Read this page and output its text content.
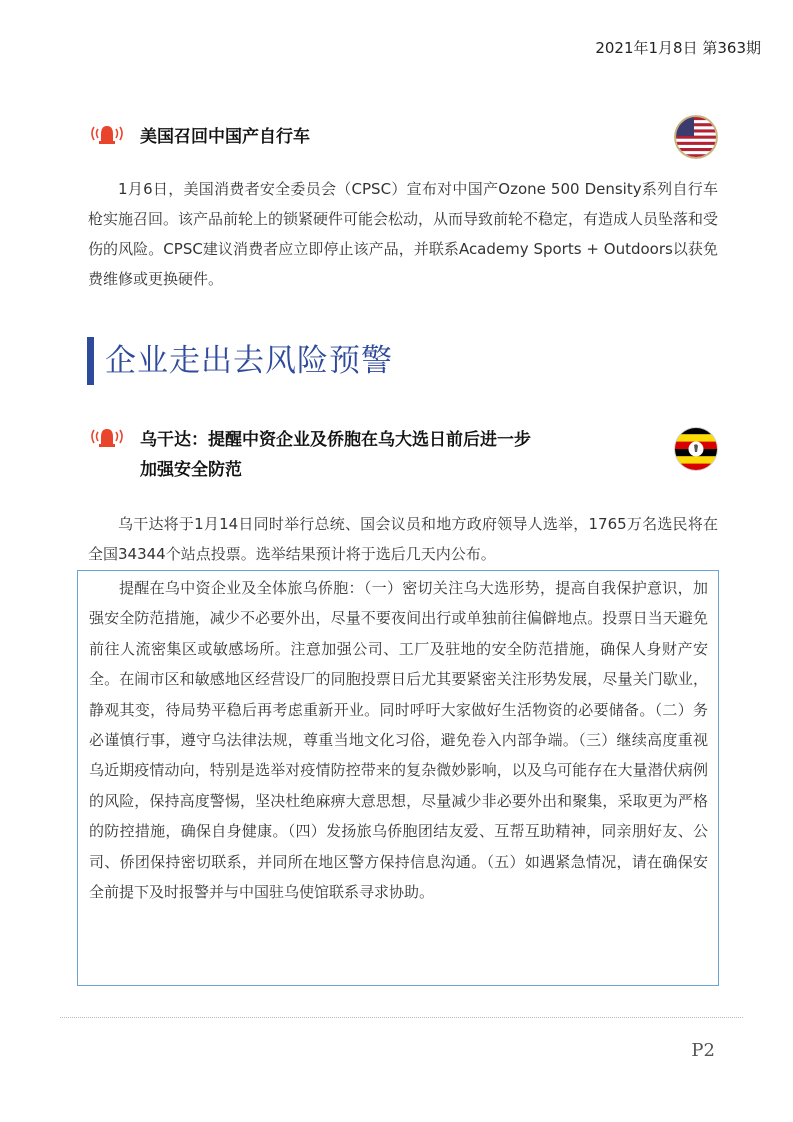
2021年1月8日 第363期
美国召回中国产自行车
1月6日，美国消费者安全委员会（CPSC）宣布对中国产Ozone 500 Density系列自行车枪实施召回。该产品前轮上的锁紧硬件可能会松动，从而导致前轮不稳定，有造成人员坠落和受伤的风险。CPSC建议消费者应立即停止该产品，并联系Academy Sports + Outdoors以获免费维修或更换硬件。
企业走出去风险预警
乌干达：提醒中资企业及侨胞在乌大选日前后进一步
加强安全防范
乌干达将于1月14日同时举行总统、国会议员和地方政府领导人选举，1765万名选民将在全国34344个站点投票。选举结果预计将于选后几天内公布。

提醒在乌中资企业及全体旅乌侨胞：（一）密切关注乌大选形势，提高自我保护意识，加强安全防范措施，减少不必要外出，尽量不要夜间出行或单独前往偏僻地点。投票日当天避免前往人流密集区或敏感场所。注意加强公司、工厂及驻地的安全防范措施，确保人身财产安全。在闹市区和敏感地区经营设厂的同胞投票日后尤其要紧密关注形势发展，尽量关门歇业，静观其变，待局势平稳后再考虑重新开业。同时呼吁大家做好生活物资的必要储备。（二）务必谨慎行事，遵守乌法律法规，尊重当地文化习俗，避免卷入内部争端。（三）继续高度重视乌近期疫情动向，特别是选举对疫情防控带来的复杂微妙影响，以及乌可能存在大量潜伏病例的风险，保持高度警惕，坚决杜绝麻痹大意思想，尽量减少非必要外出和聚集，采取更为严格的防控措施，确保自身健康。（四）发扬旅乌侨胞团结友爱、互帮互助精神，同亲朋好友、公司、侨团保持密切联系，并同所在地区警方保持信息沟通。（五）如遇紧急情况，请在确保安全前提下及时报警并与中国驻乌使馆联系寻求协助。

P2
